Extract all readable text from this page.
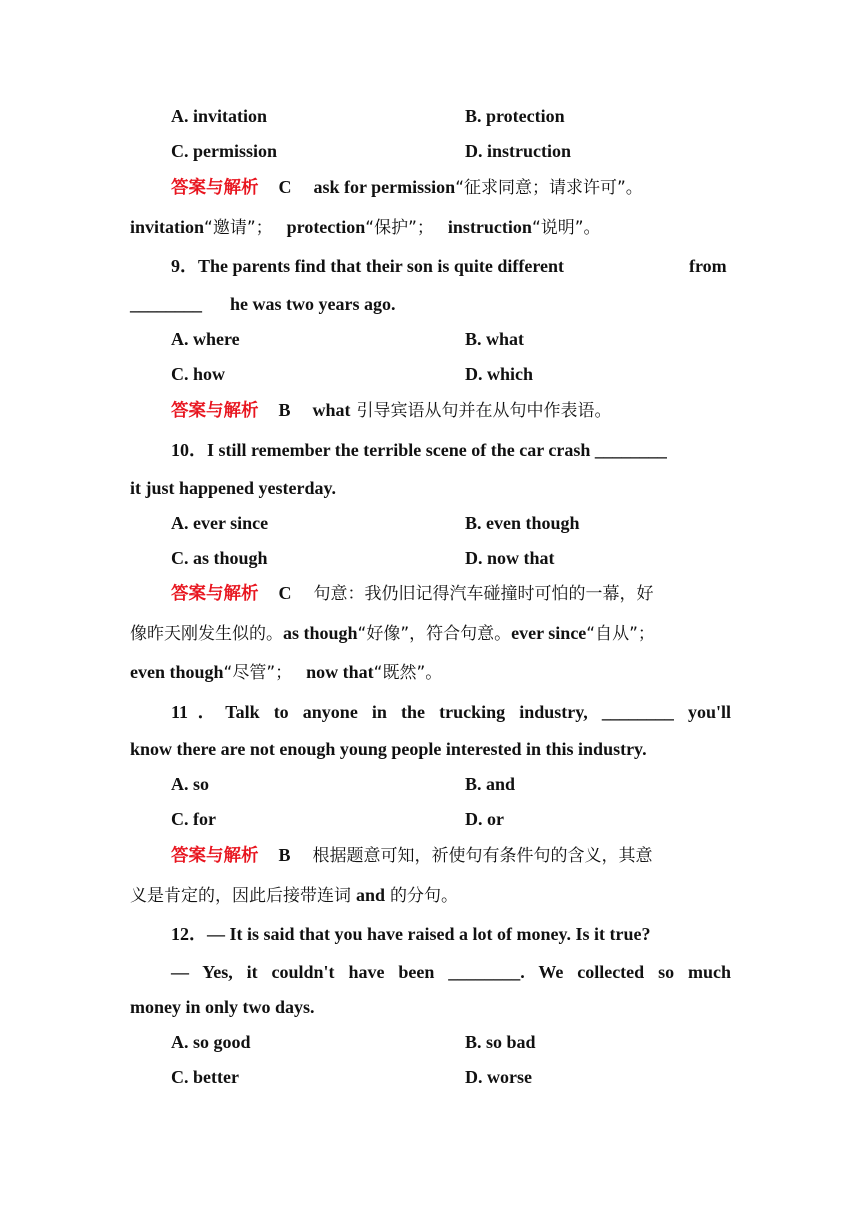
A. invitation	B. protection
C. permission	D. instruction
答案与解析 C ask for permission“征求同意；请求许可”。
invitation“邀请”； protection“保护”； instruction“说明”。
9．The parents find that their son is quite different	from
________ he was two years ago.
A. where	B. what
C. how	D. which
答案与解析 B what 引导宾语从句并在从句中作表语。
10．I still remember the terrible scene of the car crash ________
it just happened yesterday.
A. ever since	B. even though
C. as though	D. now that
答案与解析 C 句意：我仍旧记得汽车碰撞时可怕的一幕，好
像昨天刚发生似的。as though“好像”，符合句意。ever since“自从”；
even though“尽管”； now that“既然”。
11．Talk to anyone in the trucking industry, ________ you'll
know there are not enough young people interested in this industry.
A. so	B. and
C. for	D. or
答案与解析 B 根据题意可知，祈使句有条件句的含义，其意
义是肯定的，因此后接带连词 and 的分句。
12．— It is said that you have raised a lot of money. Is it true?
— Yes, it couldn't have been ________. We collected so much
money in only two days.
A. so good	B. so bad
C. better	D. worse
